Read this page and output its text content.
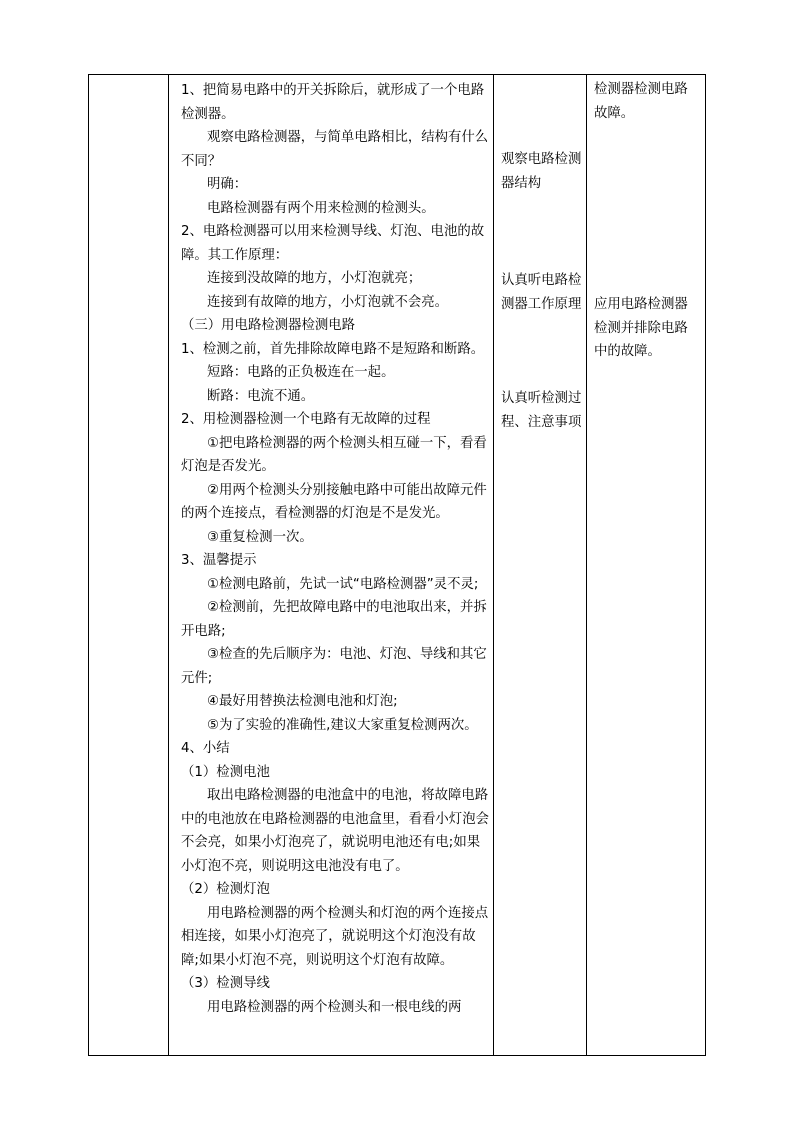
1、把简易电路中的开关拆除后，就形成了一个电路检测器。

观察电路检测器，与简单电路相比，结构有什么不同？

明确：

电路检测器有两个用来检测的检测头。

2、电路检测器可以用来检测导线、灯泡、电池的故障。其工作原理：

连接到没故障的地方，小灯泡就亮；

连接到有故障的地方，小灯泡就不会亮。

（三）用电路检测器检测电路

1、检测之前，首先排除故障电路不是短路和断路。

短路：电路的正负极连在一起。

断路：电流不通。

2、用检测器检测一个电路有无故障的过程

①把电路检测器的两个检测头相互碰一下，看看灯泡是否发光。

②用两个检测头分别接触电路中可能出故障元件的两个连接点，看检测器的灯泡是不是发光。

③重复检测一次。

3、温馨提示

①检测电路前，先试一试“电路检测器”灵不灵;

②检测前，先把故障电路中的电池取出来，并拆开电路;

③检查的先后顺序为：电池、灯泡、导线和其它元件;

④最好用替换法检测电池和灯泡;

⑤为了实验的准确性,建议大家重复检测两次。

4、小结

（1）检测电池

取出电路检测器的电池盒中的电池，将故障电路中的电池放在电路检测器的电池盒里，看看小灯泡会不会亮，如果小灯泡亮了，就说明电池还有电;如果小灯泡不亮，则说明这电池没有电了。

（2）检测灯泡

用电路检测器的两个检测头和灯泡的两个连接点相连接，如果小灯泡亮了，就说明这个灯泡没有故障;如果小灯泡不亮，则说明这个灯泡有故障。

（3）检测导线

用电路检测器的两个检测头和一根电线的两

观察电路检测器结构

认真听电路检测器工作原理

认真听检测过程、注意事项

检测器检测电路故障。

应用电路检测器检测并排除电路中的故障。
